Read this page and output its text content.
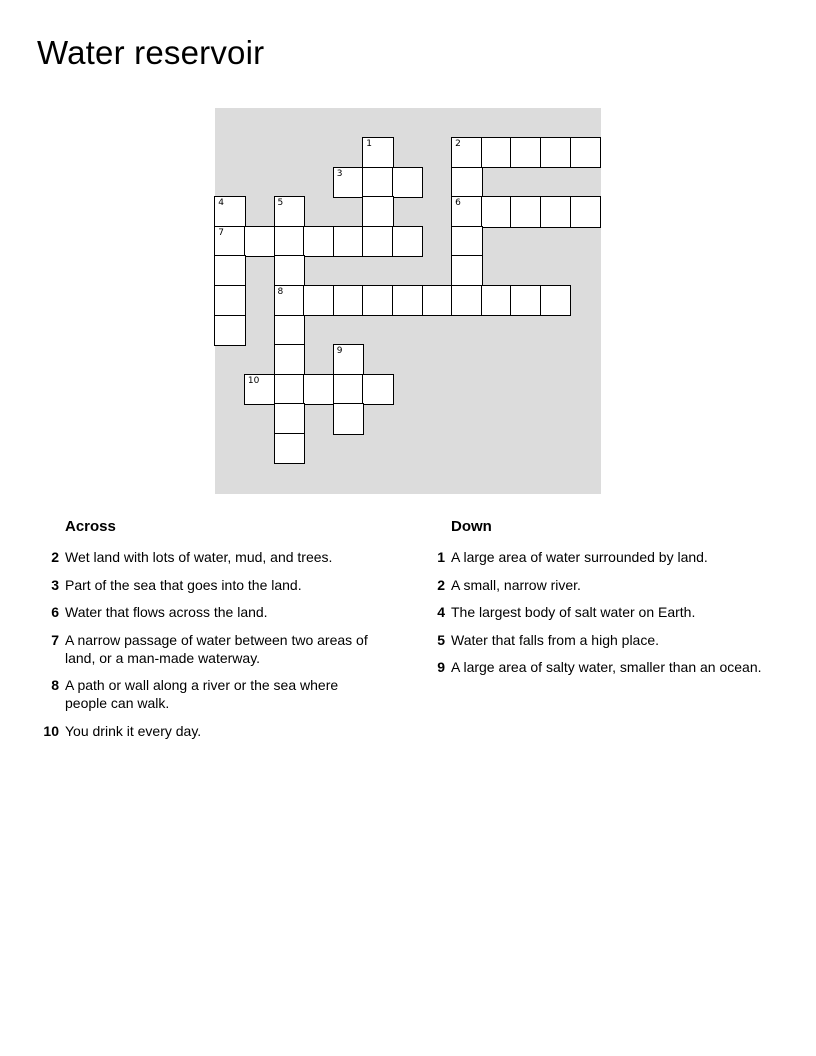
Water reservoir
1	2
3
4	5	6
7
8
9
10
Across
2 Wet land with lots of water, mud, and trees.
3 Part of the sea that goes into the land.
6 Water that flows across the land.
7 A narrow passage of water between two areas of land, or a man-made waterway.
8 A path or wall along a river or the sea where people can walk.
10 You drink it every day.
Down
1 A large area of water surrounded by land.
2 A small, narrow river.
4 The largest body of salt water on Earth.
5 Water that falls from a high place.
9 A large area of salty water, smaller than an ocean.
